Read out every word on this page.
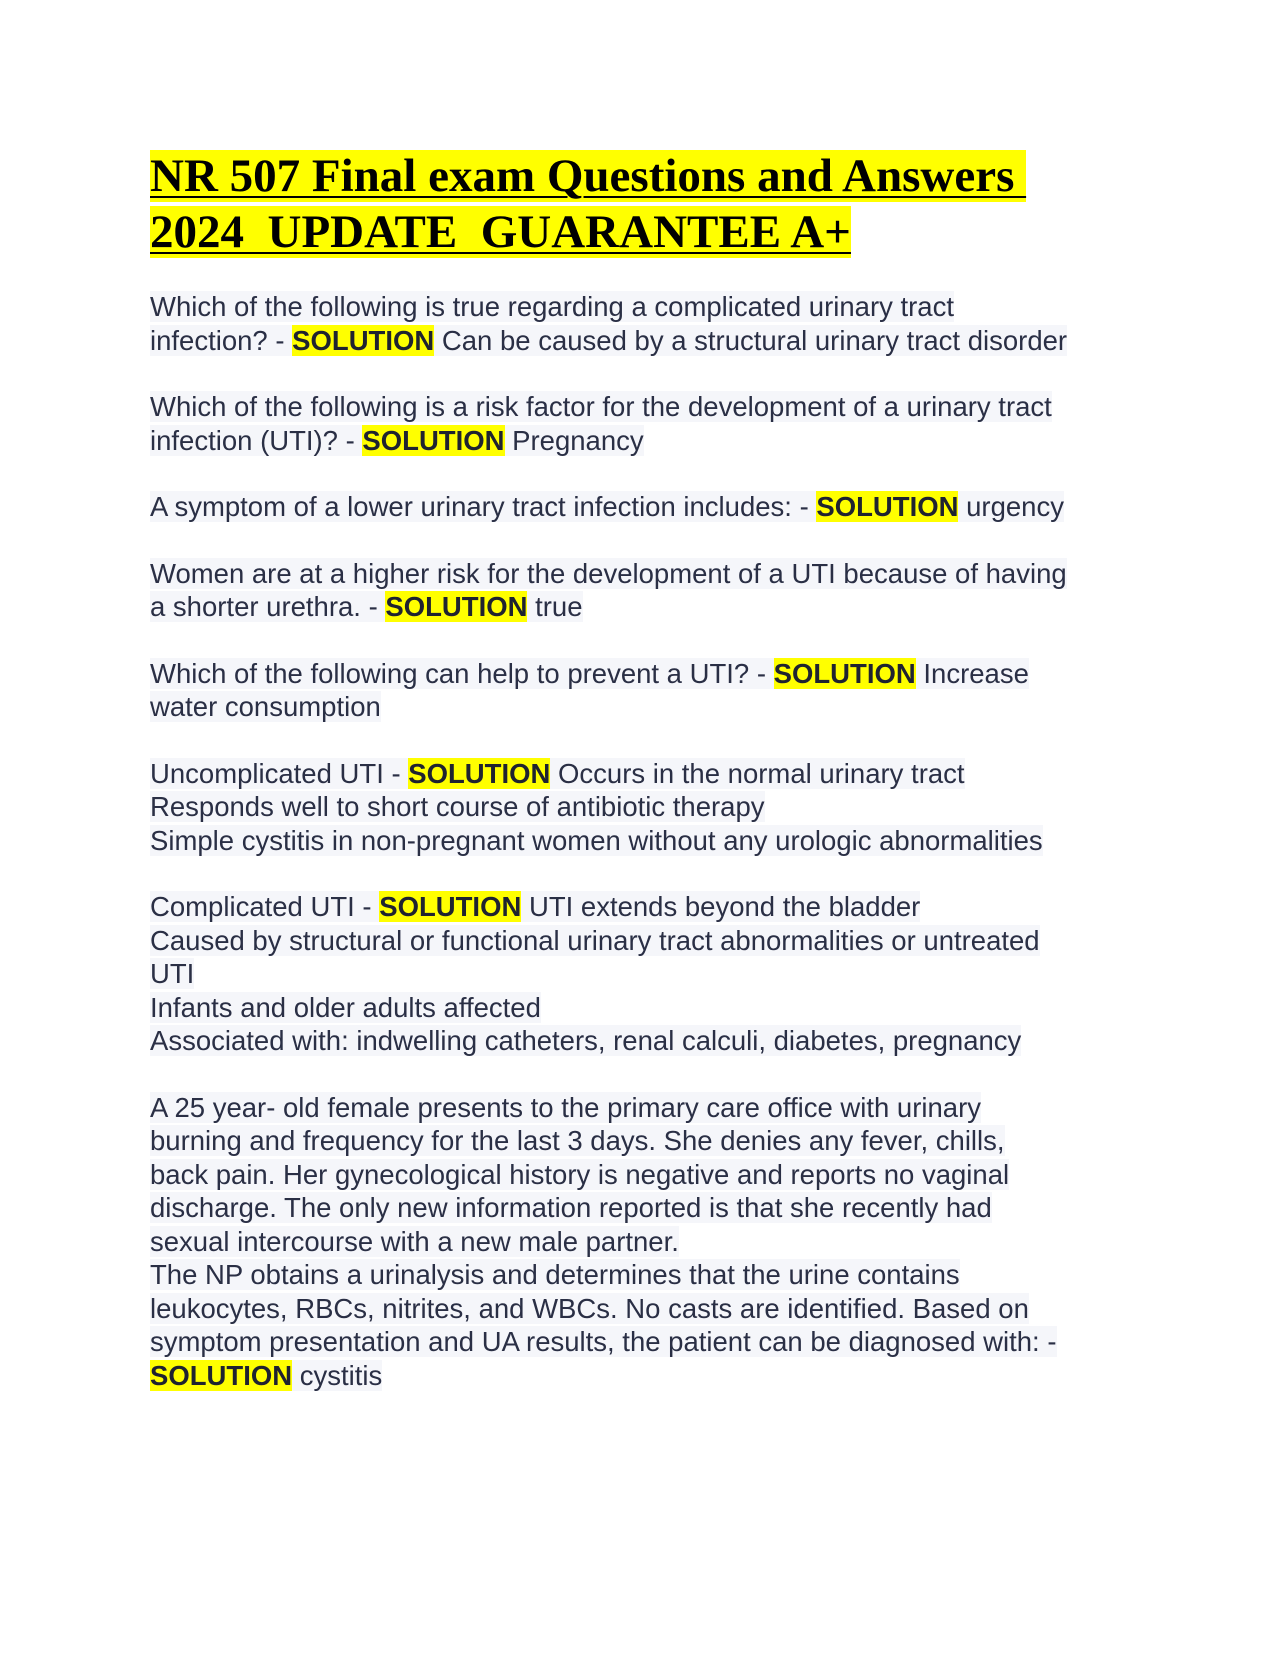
NR 507 Final exam Questions and Answers
2024  UPDATE  GUARANTEE A+
Which of the following is true regarding a complicated urinary tract
infection? - SOLUTION Can be caused by a structural urinary tract disorder
Which of the following is a risk factor for the development of a urinary tract
infection (UTI)? - SOLUTION Pregnancy
A symptom of a lower urinary tract infection includes: - SOLUTION urgency
Women are at a higher risk for the development of a UTI because of having
a shorter urethra. - SOLUTION true
Which of the following can help to prevent a UTI? - SOLUTION Increase
water consumption
Uncomplicated UTI - SOLUTION Occurs in the normal urinary tract
Responds well to short course of antibiotic therapy
Simple cystitis in non-pregnant women without any urologic abnormalities
Complicated UTI - SOLUTION UTI extends beyond the bladder
Caused by structural or functional urinary tract abnormalities or untreated
UTI
Infants and older adults affected
Associated with: indwelling catheters, renal calculi, diabetes, pregnancy
A 25 year- old female presents to the primary care office with urinary
burning and frequency for the last 3 days. She denies any fever, chills,
back pain. Her gynecological history is negative and reports no vaginal
discharge. The only new information reported is that she recently had
sexual intercourse with a new male partner.
The NP obtains a urinalysis and determines that the urine contains
leukocytes, RBCs, nitrites, and WBCs. No casts are identified. Based on
symptom presentation and UA results, the patient can be diagnosed with: -
SOLUTION cystitis
